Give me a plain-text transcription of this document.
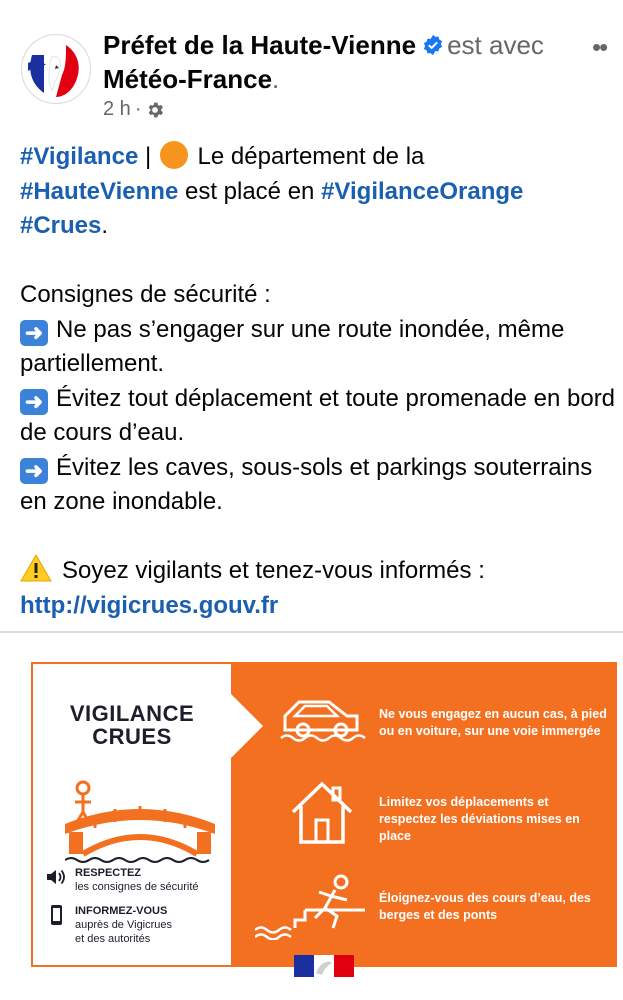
Préfet de la Haute-Vienne est avec
Météo-France.
••
2 h ·

#Vigilance |  Le département de la

#HauteVienne est placé en #VigilanceOrange

#Crues.

Consignes de sécurité :

➜ Ne pas s’engager sur une route inondée, même partiellement.

➜ Évitez tout déplacement et toute promenade en bord de cours d’eau.

➜ Évitez les caves, sous-sols et parkings souterrains en zone inondable.

Soyez vigilants et tenez-vous informés :

http://vigicrues.gouv.fr

VIGILANCE
CRUES
RESPECTEZ
les consignes de sécurité
INFORMEZ-VOUS
auprès de Vigicrues
et des autorités
Ne vous engagez en aucun cas, à pied ou en voiture, sur une voie immergée
Limitez vos déplacements et respectez les déviations mises en place
Éloignez-vous des cours d’eau, des berges et des ponts
